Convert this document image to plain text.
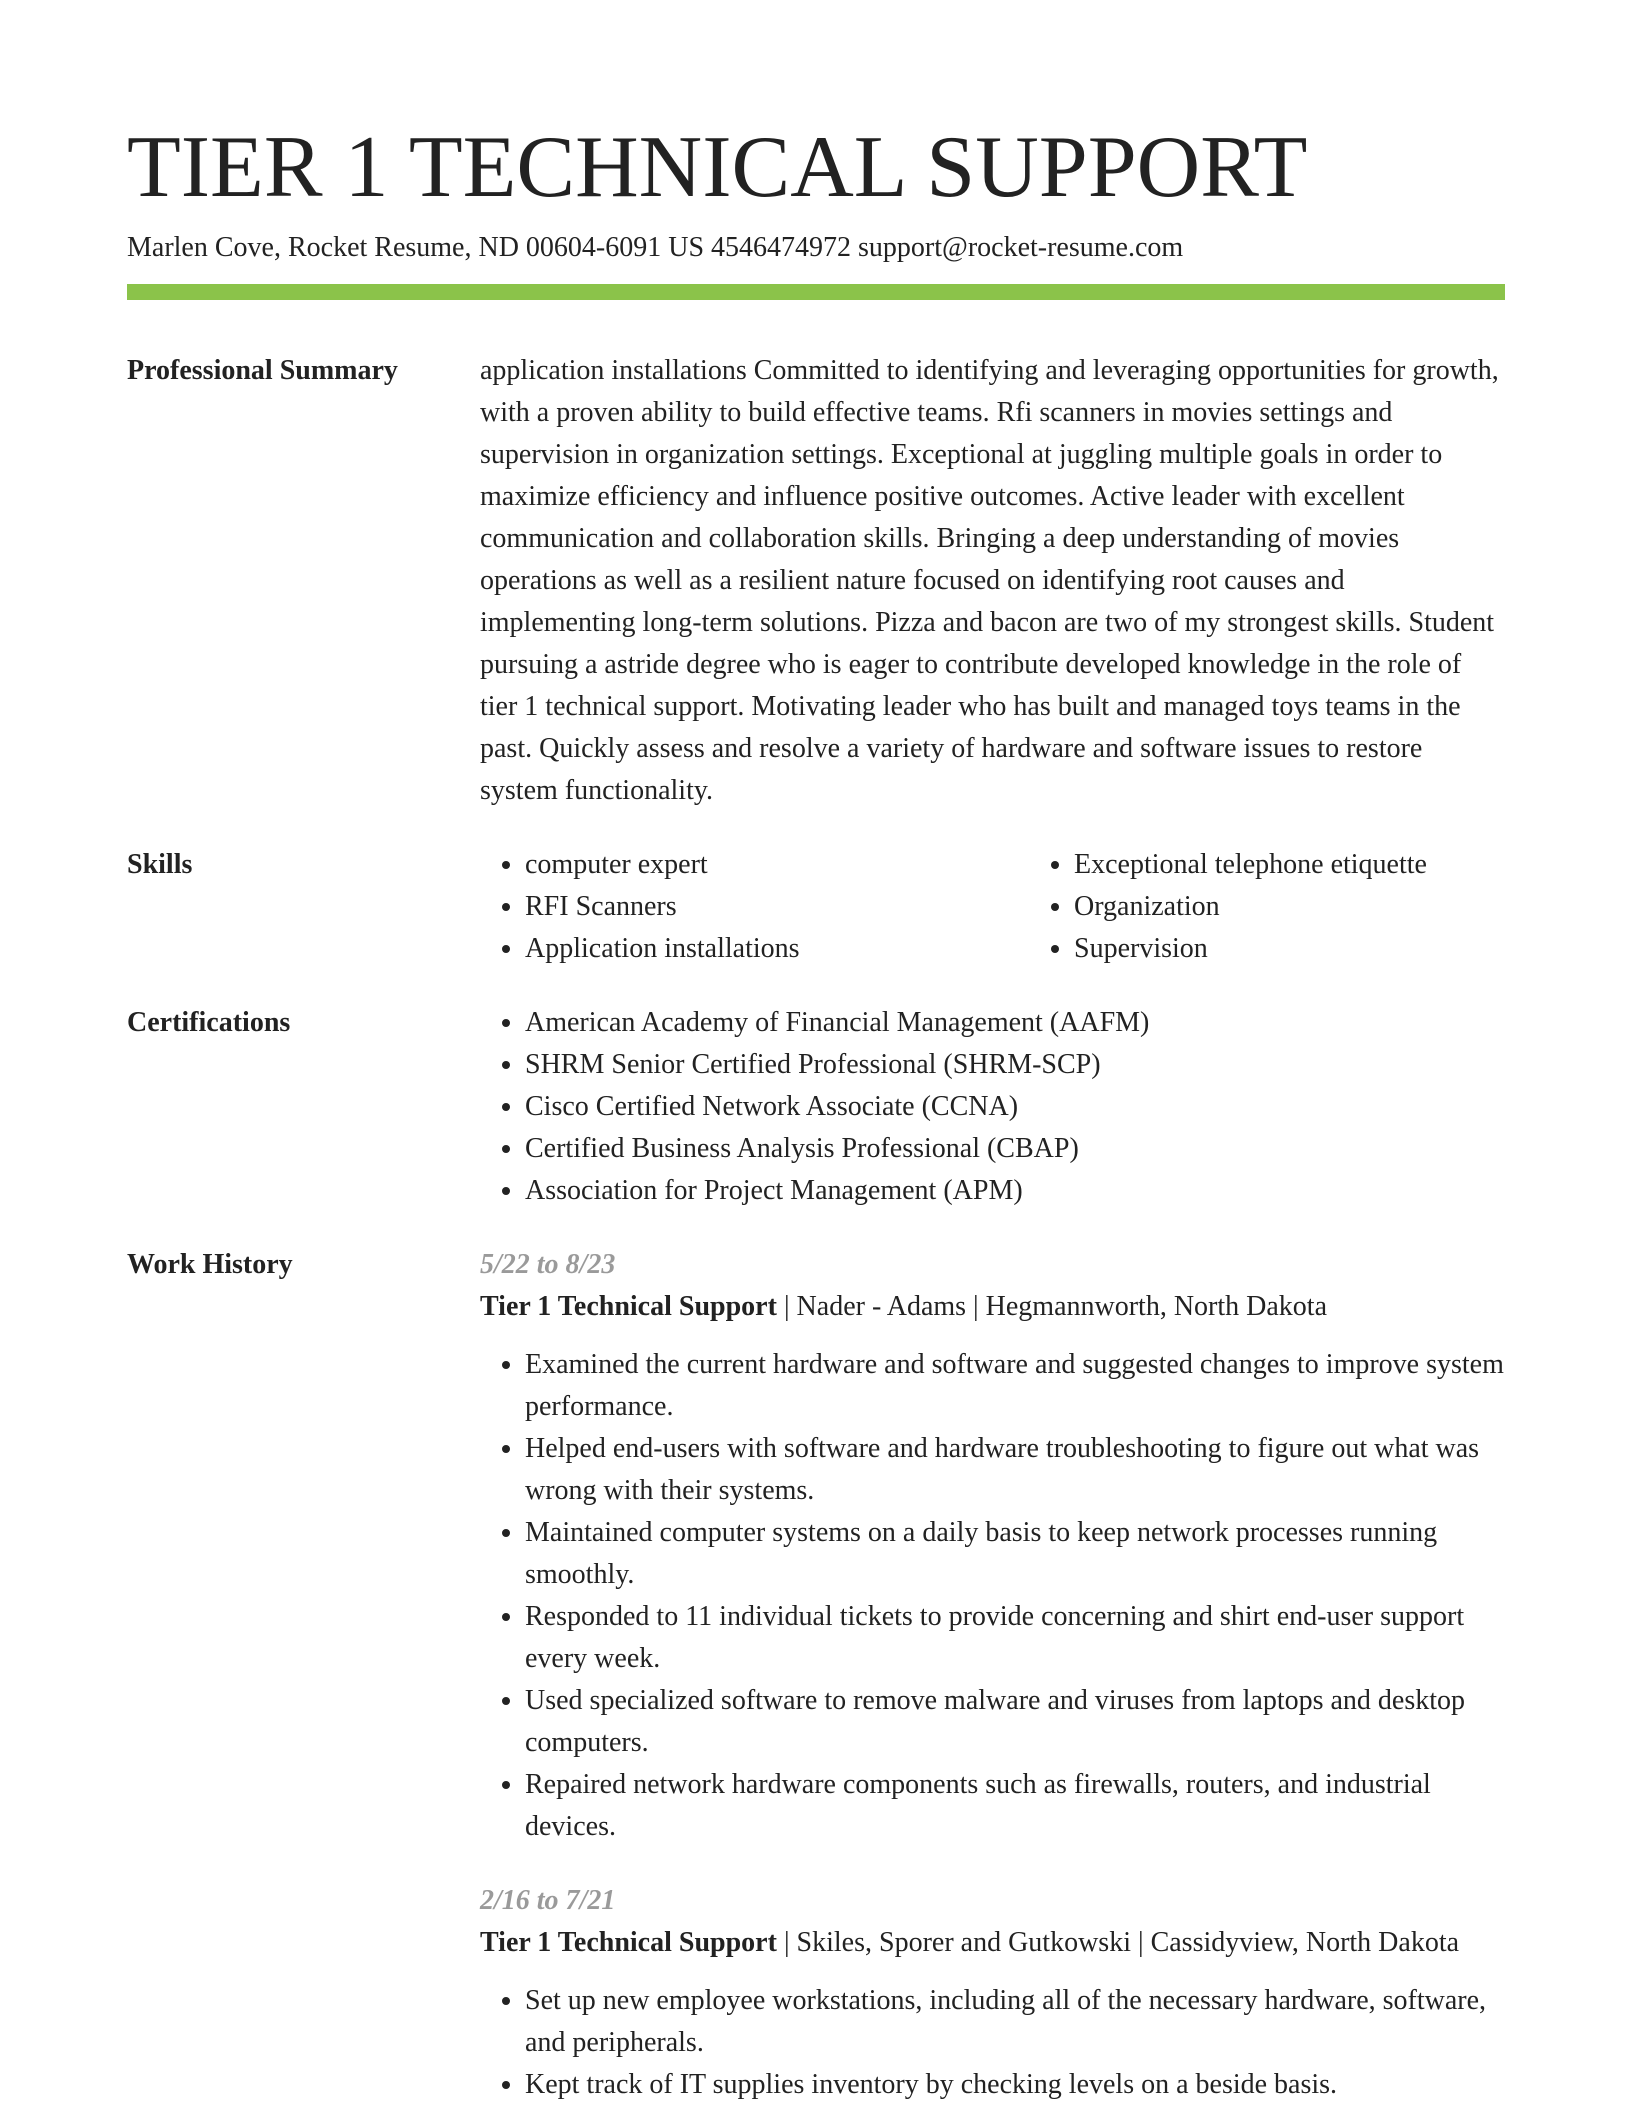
TIER 1 TECHNICAL SUPPORT
Marlen Cove, Rocket Resume, ND 00604-6091 US 4546474972 support@rocket-resume.com
Professional Summary	application installations Committed to identifying and leveraging opportunities for growth, with a proven ability to build effective teams. Rfi scanners in movies settings and supervision in organization settings. Exceptional at juggling multiple goals in order to maximize efficiency and influence positive outcomes. Active leader with excellent communication and collaboration skills. Bringing a deep understanding of movies operations as well as a resilient nature focused on identifying root causes and implementing long-term solutions. Pizza and bacon are two of my strongest skills. Student pursuing a astride degree who is eager to contribute developed knowledge in the role of tier 1 technical support. Motivating leader who has built and managed toys teams in the past. Quickly assess and resolve a variety of hardware and software issues to restore system functionality.
Skills	• computer expert
• RFI Scanners
• Application installations
• Exceptional telephone etiquette
• Organization
• Supervision
Certifications	• American Academy of Financial Management (AAFM)
• SHRM Senior Certified Professional (SHRM-SCP)
• Cisco Certified Network Associate (CCNA)
• Certified Business Analysis Professional (CBAP)
• Association for Project Management (APM)
Work History	5/22 to 8/23
Tier 1 Technical Support | Nader - Adams | Hegmannworth, North Dakota
• Examined the current hardware and software and suggested changes to improve system performance.
• Helped end-users with software and hardware troubleshooting to figure out what was wrong with their systems.
• Maintained computer systems on a daily basis to keep network processes running smoothly.
• Responded to 11 individual tickets to provide concerning and shirt end-user support every week.
• Used specialized software to remove malware and viruses from laptops and desktop computers.
• Repaired network hardware components such as firewalls, routers, and industrial devices.
2/16 to 7/21
Tier 1 Technical Support | Skiles, Sporer and Gutkowski | Cassidyview, North Dakota
• Set up new employee workstations, including all of the necessary hardware, software, and peripherals.
• Kept track of IT supplies inventory by checking levels on a beside basis.
